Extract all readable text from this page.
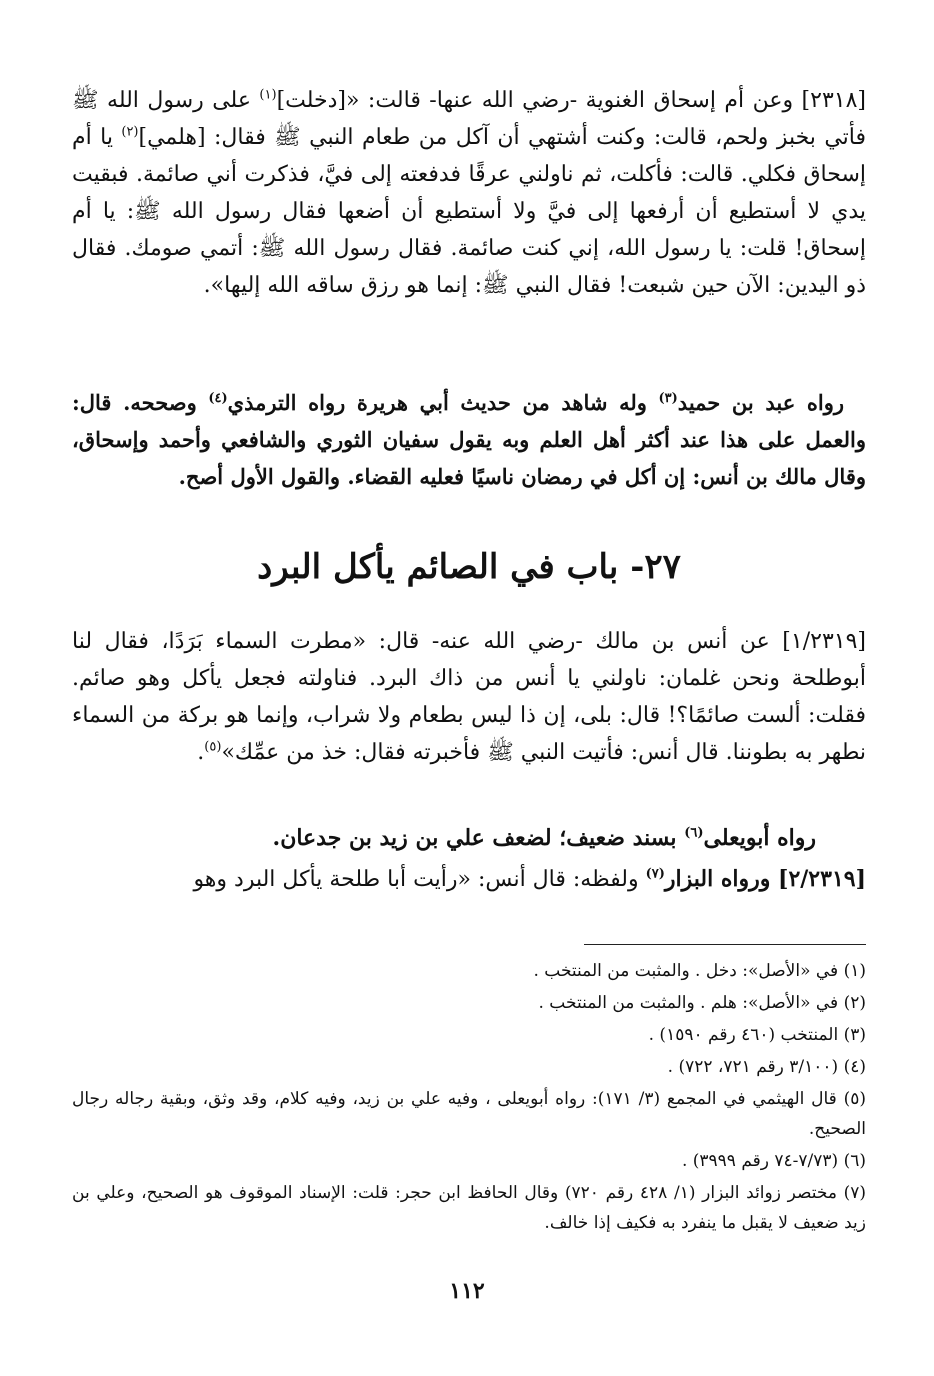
[٢٣١٨] وعن أم إسحاق الغنوية -رضي الله عنها- قالت: «[دخلت]$^{(١)}$ على رسول الله ﷺ فأتي بخبز ولحم، قالت: وكنت أشتهي أن آكل من طعام النبي ﷺ فقال: [هلمي]$^{(٢)}$ يا أم إسحاق فكلي. قالت: فأكلت، ثم ناولني عرقًا فدفعته إلى فيَّ، فذكرت أني صائمة. فبقيت يدي لا أستطيع أن أرفعها إلى فيَّ ولا أستطيع أن أضعها فقال رسول الله ﷺ: يا أم إسحاق! قلت: يا رسول الله، إني كنت صائمة. فقال رسول الله ﷺ: أتمي صومك. فقال ذو اليدين: الآن حين شبعت! فقال النبي ﷺ: إنما هو رزق ساقه الله إليها».

رواه عبد بن حميد$^{(٣)}$ وله شاهد من حديث أبي هريرة رواه الترمذي$^{(٤)}$ وصححه. قال: والعمل على هذا عند أكثر أهل العلم وبه يقول سفيان الثوري والشافعي وأحمد وإسحاق، وقال مالك بن أنس: إن أكل في رمضان ناسيًا فعليه القضاء. والقول الأول أصح.

٢٧- باب في الصائم يأكل البرد

[١/٢٣١٩] عن أنس بن مالك -رضي الله عنه- قال: «مطرت السماء بَرَدًا، فقال لنا أبوطلحة ونحن غلمان: ناولني يا أنس من ذاك البرد. فناولته فجعل يأكل وهو صائم. فقلت: ألست صائمًا؟! قال: بلى، إن ذا ليس بطعام ولا شراب، وإنما هو بركة من السماء نطهر به بطوننا. قال أنس: فأتيت النبي ﷺ فأخبرته فقال: خذ من عمِّك»$^{(٥)}$.

رواه أبويعلى$^{(٦)}$ بسند ضعيف؛ لضعف علي بن زيد بن جدعان.

[٢/٢٣١٩] ورواه البزار$^{(٧)}$ ولفظه: قال أنس: «رأيت أبا طلحة يأكل البرد وهو

(١) في «الأصل»: دخل . والمثبت من المنتخب .

(٢) في «الأصل»: هلم . والمثبت من المنتخب .

(٣) المنتخب (٤٦٠ رقم ١٥٩٠) .

(٤) (٣/١٠٠ رقم ٧٢١، ٧٢٢) .

(٥) قال الهيثمي في المجمع (٣/ ١٧١): رواه أبويعلى ، وفيه علي بن زيد، وفيه كلام، وقد وثق، وبقية رجاله رجال الصحيح.

(٦) (٧/٧٣-٧٤ رقم ٣٩٩٩) .

(٧) مختصر زوائد البزار (١/ ٤٢٨ رقم ٧٢٠) وقال الحافظ ابن حجر: قلت: الإسناد الموقوف هو الصحيح، وعلي بن زيد ضعيف لا يقبل ما ينفرد به فكيف إذا خالف.

١١٢
